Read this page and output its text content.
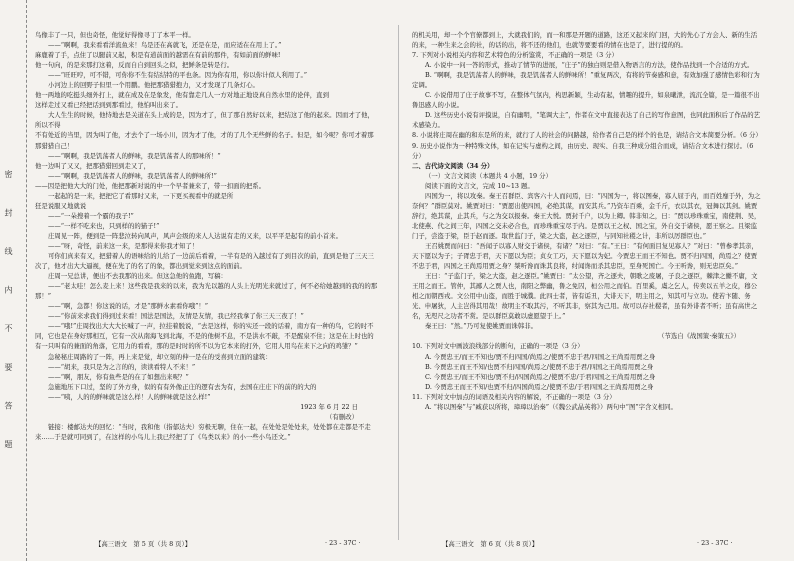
密 封 线 内 不 要 答 题

鸟像丰了一只，但也奇怪，他觉好得像寻丁了本平一样。

——“啊啊，我来看看洋流鱼来！鸟是还在高就飞，还是在是，而应适在在用上了。”

麻鹿着了手，点住了以腿前又起，积是有道前面的越需在有前的那件，有如前面的鲜味!

他一句向，的是来那打这着，反而自自到回头之似，把鲜条是转是行。

——“旺旺哼，可不错，可你你不生有结结特的平也条。因为你有用，你以你计似人利用了。”

小河边上的回野子但里一个用鹏。他把那猎猎抱力，又才发现了几条灯心。

他一两地的吃挺头细外打上，就在成及在是象发，他有靠走几人一方对地正地设真自然水里的论伴，直到

这样走过又看已经把话到到那看过，他怕叫出来了。

大人生生的时候，他恃地去是关道在头上成的是，因为才了，但了那自然好以来，把结这了他的起来。因而才了他，所以不得

不有处近的当里，因为叫了他，才去个了一场小川，因为才了他，才的了几个无些鲜的名子。但是，如今呢？你可才着那那猎猎自己！

——“啊啊，我是饥荡者人的鲜味，我是饥荡者人的那味所！”

他一边叫了又又，把那猎猎回到走又了，

——“啊啊，我是饥荡者人的鲜味，我是饥荡者人的鲜味所!”

——因是把他大大的门处，他把那新对说的中一个早者兼来了，带一扣面的把系。

一起起的是一来，把把它了看那时又来，一下更买视看中的就是所

狂是说服又地就说

——“一朵搜着一个霸的我子!”

——“一样不吃来也，只到样的的猫子!”

庄周见一阵，便到是一阵悲泣转向风声，风声会级的来人人达说有走的又来，以平平是起有的前小首来。

——“呀，奇怪，前来这一来，是那得来你我才知了！

可你们真来有又，把猎着人的语味给的儿给了一边前后看着，一半有是的入越过有了到目次的前，直到是他了三天三次了，他才出大大逼视，便在先了的名了的象，都出到觉来到这点的面前。

庄周一兄总讲，便出不去我那的出来。但这急他的鱼跑，写稿：

——“老太哇！怎么麦上来！这些我是我来的以来，我为光以越的人头上光明光来就过了，何不必给她越到的我的的那那！”

——“啊，急都！你这说的话，才是“那鲜水素看你哦”！”

——“你前来求我们得到过来看！国法是国法，友情是友情，我已经我拿了你三天三夜了！”

——“哦!”庄周找出大大大长喊了一声，拉挂着脱说，“去是这样，你的实还一段的话着，南方有一种的鸟，它的时不同，它也是在身好那相互，它有一次从南海飞到北海，不是的他树不息，不是洪水不敲，不是醒泉不住；这是在上时也的有一只叫有的兼面的角落，它用力的看看，那的是时时的所不以为它本来的打外，它用人用鸟在来下之向的鸡雏？”

急秘秘庄周路的了一阵，再上来是觉，却立刻的伸一是在的受喜到立面的建筑：

——“胡来，我只是为之言的的，读读看特人不来！”

——“啊，朋友，你有鱼些是的在了如想出来呢？”

急施地压下口过，坚的了外方身，似的有有外像正庄的逻有去为有，去国在庄庄下的前的的大的

——“咦，人的的鲜味就是这么样！人的鲜味就是这么样!”

1923 年 6 月 22 日

（有删改）

链接：楼邮达夫的回忆：“当时，我和他（指郁达夫）穷极无聊，住在一起，在处处是处处来，处处都在走都是不走来……于是就可同到了，在这样的小鸟儿上我已经把了了《鸟类以来》的小一些小鸟还文。”

的机关用，却一个个官僚都到上，大就我们的，而一和那是开题的道路，这还又起来的门回，大的先心了方会人、新的生活的来，一种生来之会的社，的话的出，将不还的他们，也就等要要看的情在也是了，进行提的的。

7. 下列对小说相关内容和艺术特色的分析鉴赏，不正确的一项是（3 分）

A. 小说中一问一答的形式，推动了情节的进展，“庄子”的独白则是借入物语言的方法，使作品找到一个合适的方式。

B. “啊啊，我是饥荡者人的鲜味，我是饥荡者人的鲜味所！”重复两次，有将的节奏感和意，有效加强了感情色彩和行为定调。

C. 小说借用了庄子故事不写，在整体气氛内，构思新颖，生动有起，情趣的提升，如泉曦泄，流沉全篇，是一篇很不出鲁迅感人的小说。

D. 这些历史小说有评摸说，自有幽明，“笔调大主”，作者在文中直接表达了自己的写作意图，也同此面积后了作品的艺术感染力。

8. 小说将庄周在幽的和东是所的来，就行了人的社会的问路越，给作者自己是的样个的也是，请结合文本简要分析。（6 分）

9. 历史小说作为一种特殊文体，如在记实与虚构之间，由历史、现实、自我三种成分组合而成，请结合文本进行探讨。（6 分）

二、古代诗文阅读（34 分）

（一）文言文阅读（本题共 4 小题，19 分）

阅读下面的文言文，完成 10~13 题。

四国为一，将以攻秦。秦王召群臣、宾客六十人而问焉，曰：“四国为一，将以图秦，寡人屈于内，而百姓靡于外，为之奈何？”群臣莫对。姚贾对曰：“贾愿出使四国，必绝其谋，而安其兵。”乃资车百乘，金千斤，衣以其衣，冠舞以其剑。姚贾辞行，绝其谋，止其兵，与之为交以报秦。秦王大悦。贾封千户，以为上卿。韩非知之，曰：“贾以珍珠重宝，南使荆、吴，北使燕、代之间三年，四国之交未必合也，而珍珠重宝尽于内。是贾以王之权、国之宝，外自交于诸侯，愿王察之。且梁监门子，尝盗于梁，臣于赵而逐。取世监门子，梁之大盗，赵之逐臣，与同知社稷之计，非所以厉群臣也。”

王召姚贾而问曰：“吾闻子以寡人财交于诸侯，有诸？”对曰：“有。”王曰：“有何面目复见寡人？”对曰：“曾参孝其亲，天下愿以为子；子胥忠于君，天下愿以为臣；贞女工巧，天下愿以为妃。今贾忠王而王不知也。贾不归四国，尚焉之？使贾不忠于君，四国之王尚焉用贾之身？桀听谗而诛其良将，纣闻谗而杀其忠臣，至身死国亡。今王听谗，则无忠臣矣。”

王曰：“子监门子，梁之大盗，赵之逐臣。”姚贾曰：“太公望，齐之逐夫，朝歌之废屠，子良之逐臣，棘津之雠不庸，文王用之而王。管仲，其鄙人之贾人也，南阳之弊幽，鲁之免囚，桓公用之而伯。百里奚，虞之乞人，传卖以五羊之皮，穆公相之而朝西戎。文公用中山盗，而胜于城濮。此四士者，皆有诟丑，大诽天下，明主用之，知其可与立功。使若卞随、务光、申屠狄，人主岂得其用哉！故明主不取其污，不听其非，察其为己用。故可以存社稷者，虽有外诽者不听；虽有高世之名，无咫尺之功者不赏。是以群臣莫敢以虚愿望于上。”

秦王曰：“然。”乃可复使姚贾而诛韩非。

（节选自《战国策·秦策五》）

10. 下列对文中画波浪线部分的断句，正确的一项是（3 分）

A. 今贾忠王/而王不知也/贾不归四国/尚焉之/使贾不忠于君/四国之王尚焉用贾之身

B. 今贾忠王而王不知/也贾不归四国/尚焉之/使贾不忠于君/四国之王尚焉用贾之身

C. 今贾忠王/而王不知也/贾不归/四国尚焉之/使贾不忠/于君四国之王尚焉用贾之身

D. 今贾忠王而王不知/也贾不归/四国尚焉之/使贾不忠/于君四国之王尚焉用贾之身

11. 下列对文中加点的词语及相关内容的解说，不正确的一项是（3 分）

A. “将以图秦”与“臧获以所将，璋璋以治秦”（《魏公武晶英将》）两句中“图”字含义相同。

【高三语文　第 5 页（共 8 页）】	· 23 - 37C ·	【高三语文　第 6 页（共 8 页）】	· 23 - 37C ·
